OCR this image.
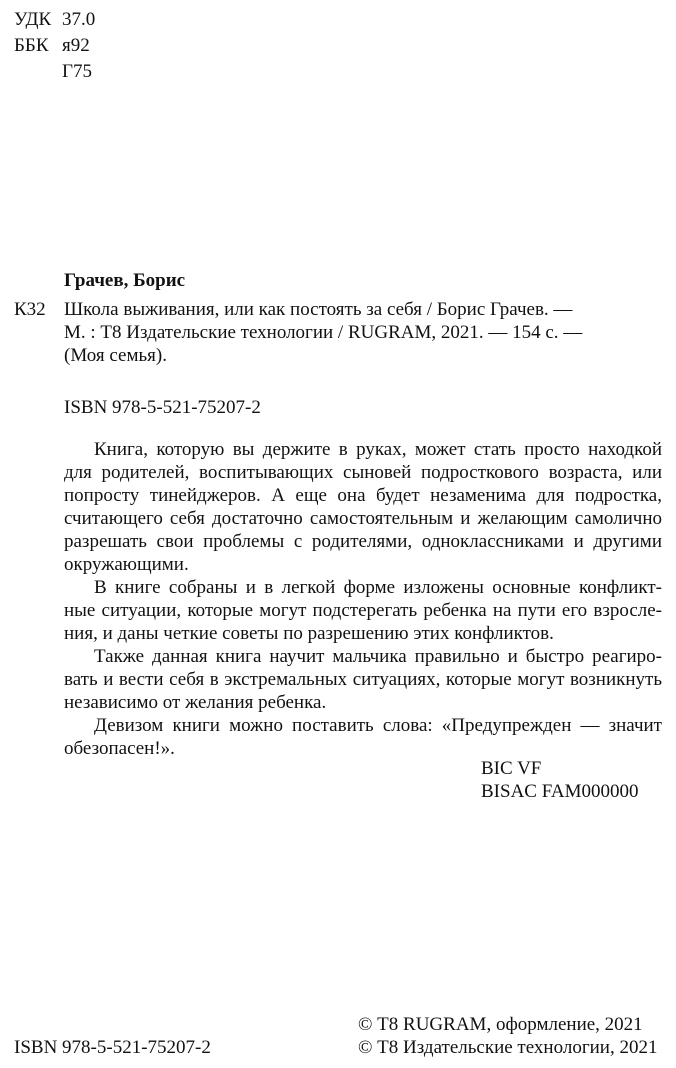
УДК 37.0
ББК я92
Г75
Грачев, Борис
К32 Школа выживания, или как постоять за себя / Борис Грачев. —
М. : Т8 Издательские технологии / RUGRAM, 2021. — 154 с. —
(Моя семья).
ISBN 978-5-521-75207-2
Книга, которую вы держите в руках, может стать просто находкой
для родителей, воспитывающих сыновей подросткового возраста, или
попросту тинейджеров. А еще она будет незаменима для подростка,
считающего себя достаточно самостоятельным и желающим самолично
разрешать свои проблемы с родителями, одноклассниками и другими
окружающими.
В книге собраны и в легкой форме изложены основные конфликт-
ные ситуации, которые могут подстерегать ребенка на пути его взросле-
ния, и даны четкие советы по разрешению этих конфликтов.
Также данная книга научит мальчика правильно и быстро реагиро-
вать и вести себя в экстремальных ситуациях, которые могут возникнуть
независимо от желания ребенка.
Девизом книги можно поставить слова: «Предупрежден — значит
обезопасен!».
BIC VF
BISAC FAM000000
ISBN 978-5-521-75207-2
© Т8 RUGRAM, оформление, 2021
© Т8 Издательские технологии, 2021
